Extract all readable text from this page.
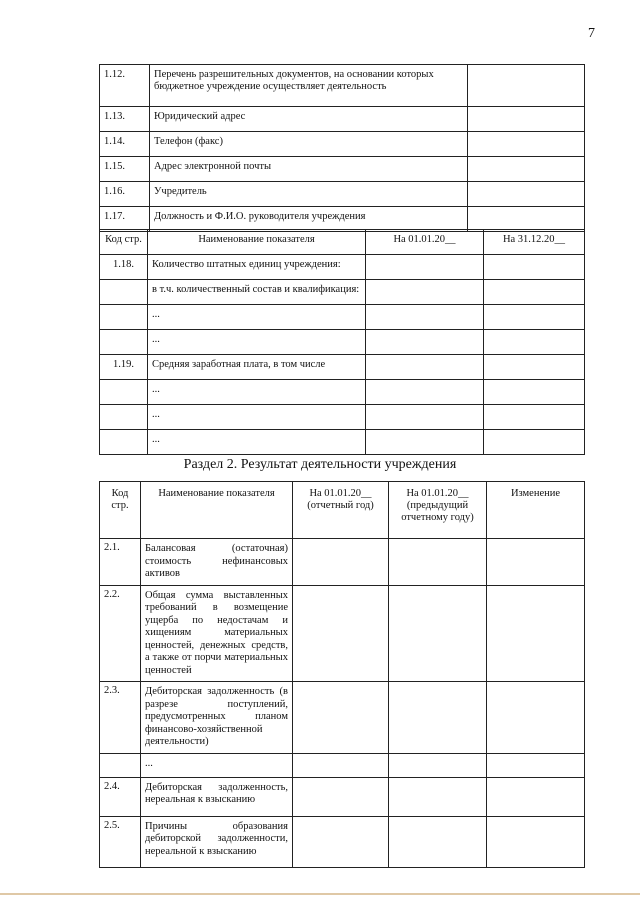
7
1.12.	Перечень разрешительных документов, на основании которых бюджетное учреждение осуществляет деятельность	
1.13.	Юридический адрес	
1.14.	Телефон (факс)	
1.15.	Адрес электронной почты	
1.16.	Учредитель	
1.17.	Должность и Ф.И.О. руководителя учреждения	
Код стр.	Наименование показателя	На 01.01.20__	На 31.12.20__
1.18.	Количество штатных единиц учреждения:		
	в т.ч. количественный состав и квалификация:		
	...		
	...		
1.19.	Средняя заработная плата, в том числе		
	...		
	...		
	...		
Раздел 2. Результат деятельности учреждения
Код стр.	Наименование показателя	На 01.01.20__ (отчетный год)	На 01.01.20__ (предыдущий отчетному году)	Изменение
2.1.	Балансовая (остаточная) стоимость нефинансовых активов			
2.2.	Общая сумма выставленных требований в возмещение ущерба по недостачам и хищениям материальных ценностей, денежных средств, а также от порчи материальных ценностей			
2.3.	Дебиторская задолженность (в разрезе поступлений, предусмотренных планом финансово-хозяйственной деятельности)			
	...			
2.4.	Дебиторская задолженность, нереальная к взысканию			
2.5.	Причины образования дебиторской задолженности, нереальной к взысканию			
